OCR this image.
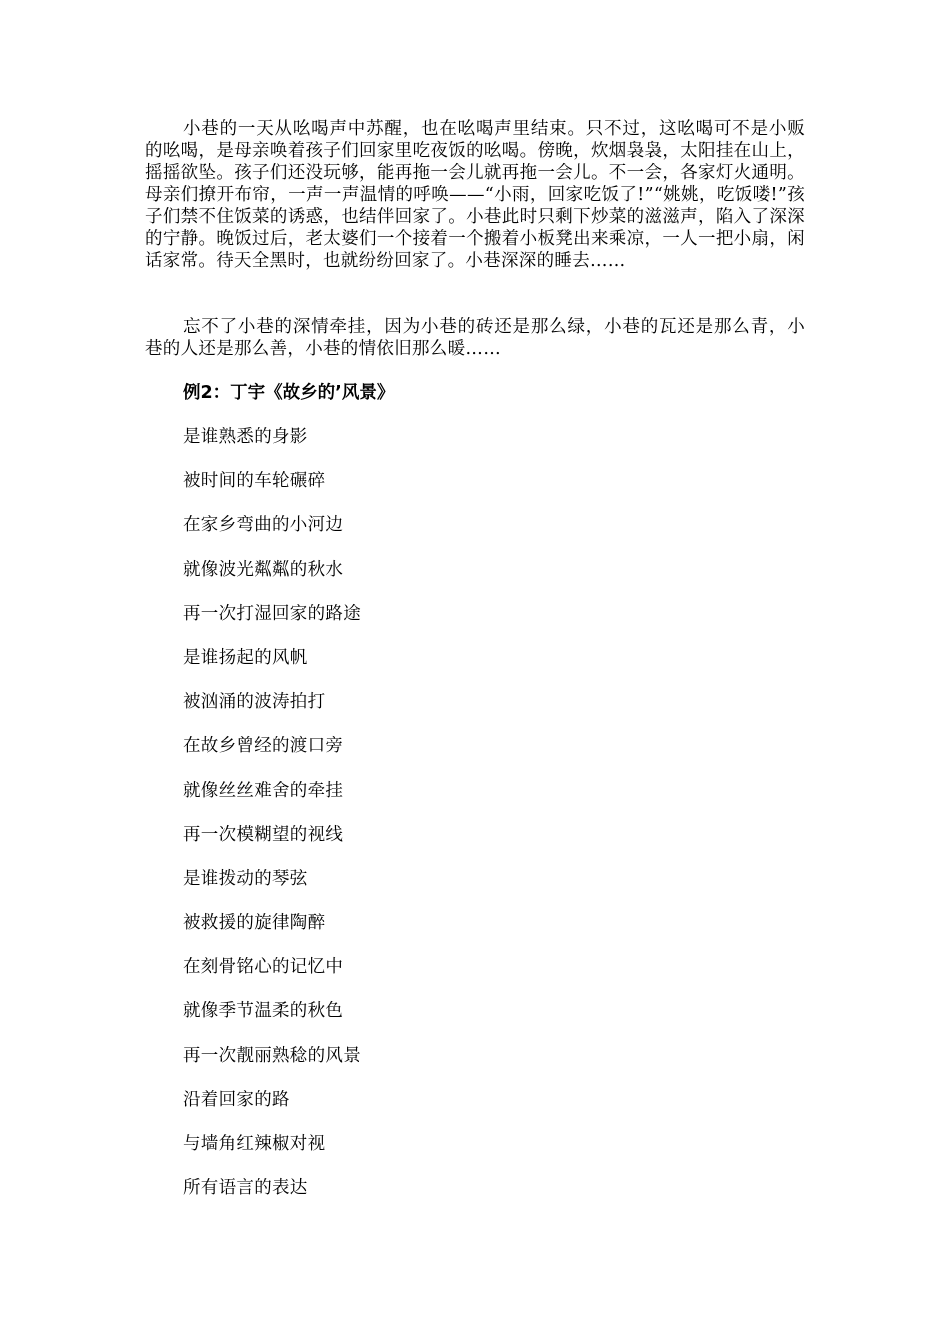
小巷的一天从吆喝声中苏醒，也在吆喝声里结束。只不过，这吆喝可不是小贩的吆喝，是母亲唤着孩子们回家里吃夜饭的吆喝。傍晚，炊烟袅袅，太阳挂在山上，摇摇欲坠。孩子们还没玩够，能再拖一会儿就再拖一会儿。不一会，各家灯火通明。母亲们撩开布帘，一声一声温情的呼唤——“小雨，回家吃饭了!”“姚姚，吃饭喽!”孩子们禁不住饭菜的诱惑，也结伴回家了。小巷此时只剩下炒菜的滋滋声，陷入了深深的宁静。晚饭过后，老太婆们一个接着一个搬着小板凳出来乘凉，一人一把小扇，闲话家常。待天全黑时，也就纷纷回家了。小巷深深的睡去……

忘不了小巷的深情牵挂，因为小巷的砖还是那么绿，小巷的瓦还是那么青，小巷的人还是那么善，小巷的情依旧那么暖……

例2：丁宇《故乡的’风景》
是谁熟悉的身影
被时间的车轮碾碎
在家乡弯曲的小河边
就像波光粼粼的秋水
再一次打湿回家的路途
是谁扬起的风帆
被汹涌的波涛拍打
在故乡曾经的渡口旁
就像丝丝难舍的牵挂
再一次模糊望的视线
是谁拨动的琴弦
被救援的旋律陶醉
在刻骨铭心的记忆中
就像季节温柔的秋色
再一次靓丽熟稔的风景
沿着回家的路
与墙角红辣椒对视
所有语言的表达
